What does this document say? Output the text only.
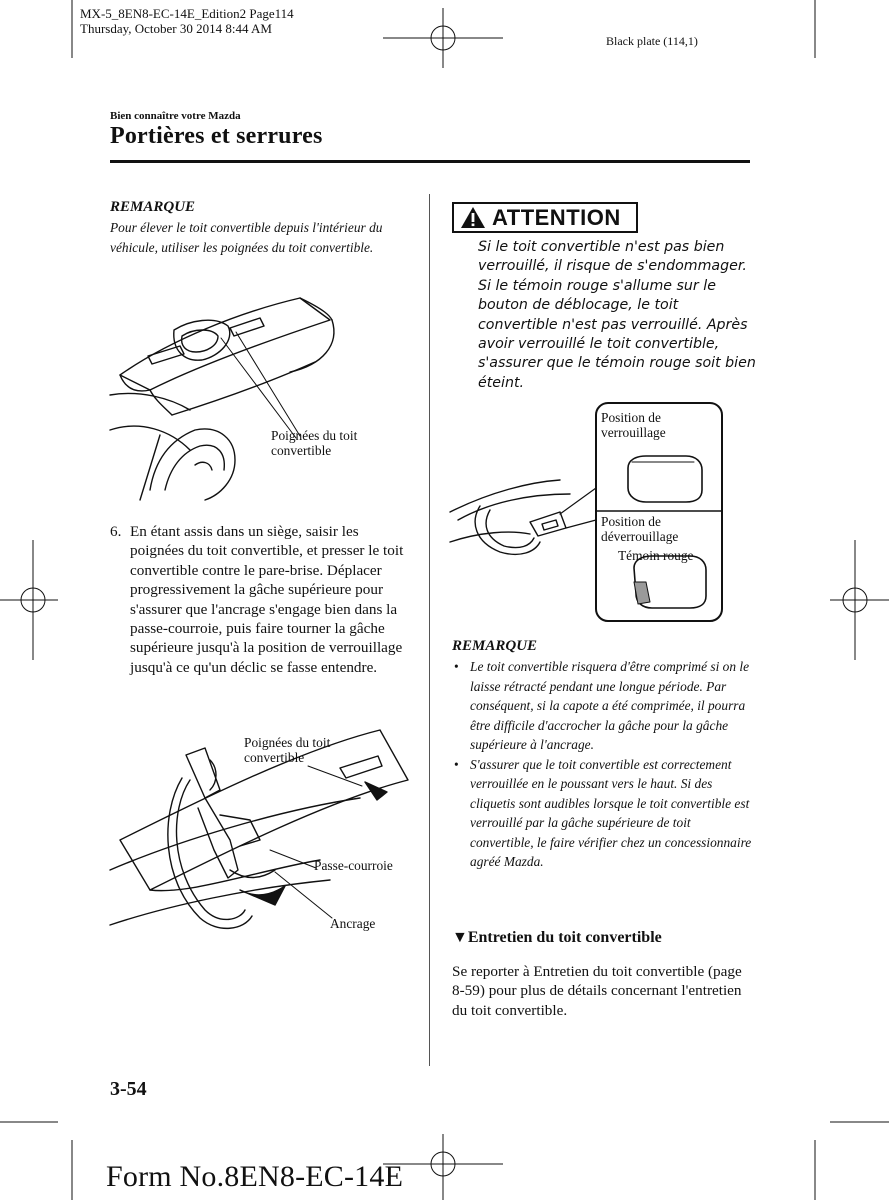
MX-5_8EN8-EC-14E_Edition2 Page114
Thursday, October 30 2014 8:44 AM
Black plate (114,1)
Bien connaître votre Mazda
Portières et serrures
REMARQUE
Pour élever le toit convertible depuis l'intérieur du véhicule, utiliser les poignées du toit convertible.
Poignées du toit
convertible
6. En étant assis dans un siège, saisir les poignées du toit convertible, et presser le toit convertible contre le pare-brise. Déplacer progressivement la gâche supérieure pour s'assurer que l'ancrage s'engage bien dans la passe-courroie, puis faire tourner la gâche supérieure jusqu'à la position de verrouillage jusqu'à ce qu'un déclic se fasse entendre.
Poignées du toit
convertible
Passe-courroie
Ancrage
ATTENTION
Si le toit convertible n'est pas bien verrouillé, il risque de s'endommager. Si le témoin rouge s'allume sur le bouton de déblocage, le toit convertible n'est pas verrouillé. Après avoir verrouillé le toit convertible, s'assurer que le témoin rouge soit bien éteint.
Position de
verrouillage
Position de
déverrouillage
Témoin rouge
REMARQUE
• Le toit convertible risquera d'être comprimé si on le laisse rétracté pendant une longue période. Par conséquent, si la capote a été comprimée, il pourra être difficile d'accrocher la gâche pour la gâche supérieure à l'ancrage.
• S'assurer que le toit convertible est correctement verrouillée en le poussant vers le haut. Si des cliquetis sont audibles lorsque le toit convertible est verrouillé par la gâche supérieure de toit convertible, le faire vérifier chez un concessionnaire agréé Mazda.
▼Entretien du toit convertible
Se reporter à Entretien du toit convertible (page 8-59) pour plus de détails concernant l'entretien du toit convertible.
3-54
Form No.8EN8-EC-14E
